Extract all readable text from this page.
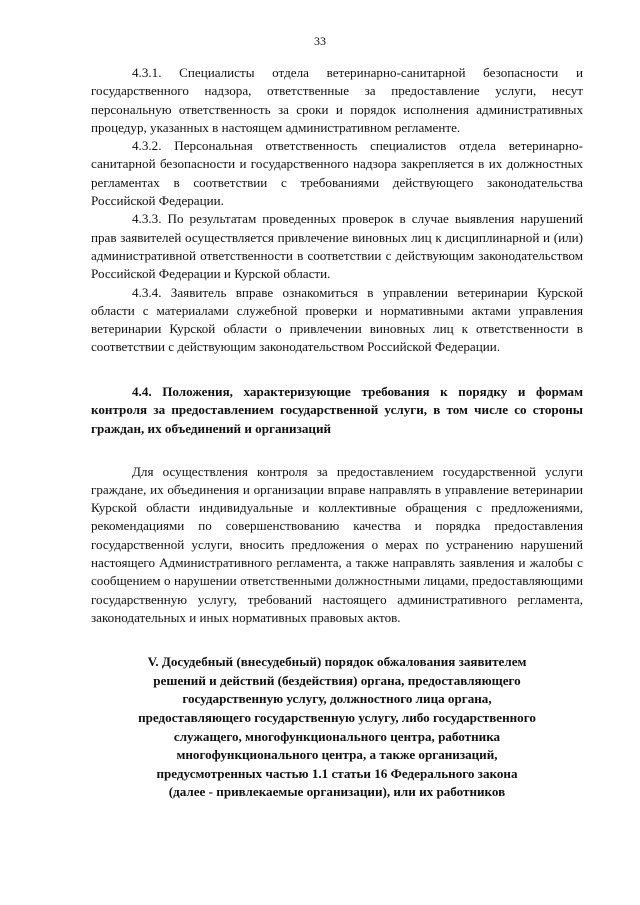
33

4.3.1. Специалисты отдела ветеринарно-санитарной безопасности и государственного надзора, ответственные за предоставление услуги, несут персональную ответственность за сроки и порядок исполнения административных процедур, указанных в настоящем административном регламенте.

4.3.2. Персональная ответственность специалистов отдела ветеринарно-санитарной безопасности и государственного надзора закрепляется в их должностных регламентах в соответствии с требованиями действующего законодательства Российской Федерации.

4.3.3. По результатам проведенных проверок в случае выявления нарушений прав заявителей осуществляется привлечение виновных лиц к дисциплинарной и (или) административной ответственности в соответствии с действующим законодательством Российской Федерации и Курской области.

4.3.4. Заявитель вправе ознакомиться в управлении ветеринарии Курской области с материалами служебной проверки и нормативными актами управления ветеринарии Курской области о привлечении виновных лиц к ответственности в соответствии с действующим законодательством Российской Федерации.

4.4. Положения, характеризующие требования к порядку и формам контроля за предоставлением государственной услуги, в том числе со стороны граждан, их объединений и организаций

Для осуществления контроля за предоставлением государственной услуги граждане, их объединения и организации вправе направлять в управление ветеринарии Курской области индивидуальные и коллективные обращения с предложениями, рекомендациями по совершенствованию качества и порядка предоставления государственной услуги, вносить предложения о мерах по устранению нарушений настоящего Административного регламента, а также направлять заявления и жалобы с сообщением о нарушении ответственными должностными лицами, предоставляющими государственную услугу, требований настоящего административного регламента, законодательных и иных нормативных правовых актов.

V. Досудебный (внесудебный) порядок обжалования заявителем
решений и действий (бездействия) органа, предоставляющего
государственную услугу, должностного лица органа,
предоставляющего государственную услугу, либо государственного
служащего, многофункционального центра, работника
многофункционального центра, а также организаций,
предусмотренных частью 1.1 статьи 16 Федерального закона
(далее - привлекаемые организации), или их работников
